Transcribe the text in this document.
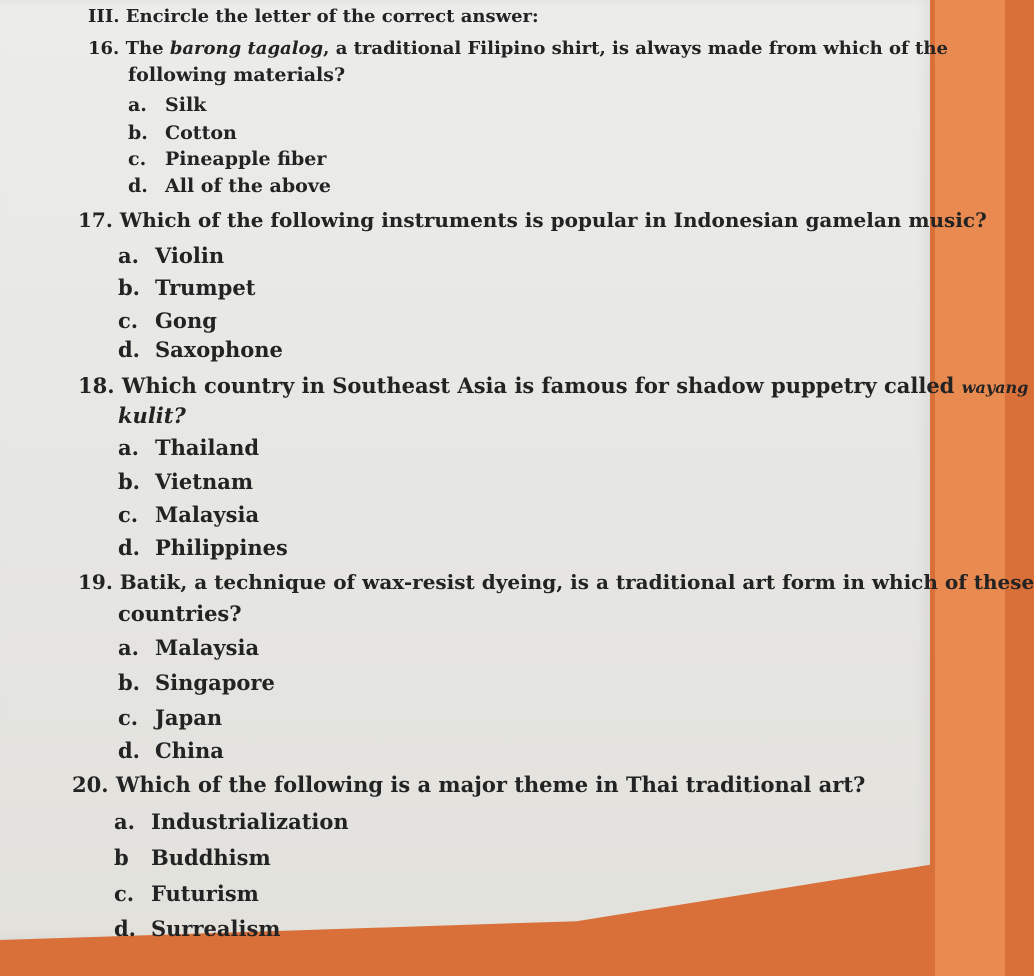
III. Encircle the letter of the correct answer:
16. The barong tagalog, a traditional Filipino shirt, is always made from which of the
following materials?
a. Silk
b. Cotton
c. Pineapple fiber
d. All of the above
17. Which of the following instruments is popular in Indonesian gamelan music?
a. Violin
b. Trumpet
c. Gong
d. Saxophone
18. Which country in Southeast Asia is famous for shadow puppetry called wayang
kulit?
a. Thailand
b. Vietnam
c. Malaysia
d. Philippines
19. Batik, a technique of wax-resist dyeing, is a traditional art form in which of these
countries?
a. Malaysia
b. Singapore
c. Japan
d. China
20. Which of the following is a major theme in Thai traditional art?
a. Industrialization
b Buddhism
c. Futurism
d. Surrealism
